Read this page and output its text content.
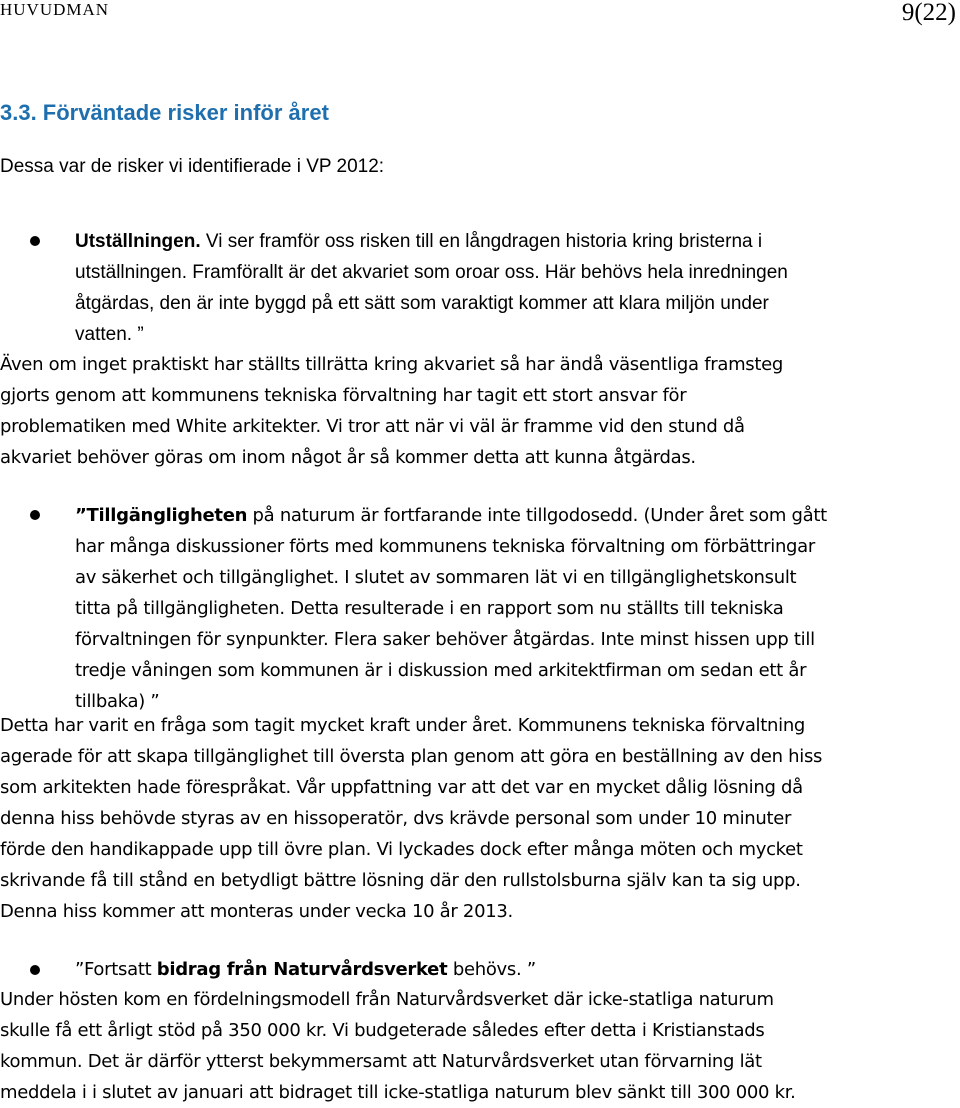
HUVUDMAN	9(22)
3.3. Förväntade risker inför året
Dessa var de risker vi identifierade i VP 2012:
Utställningen. Vi ser framför oss risken till en långdragen historia kring bristerna i
utställningen. Framförallt är det akvariet som oroar oss. Här behövs hela inredningen
åtgärdas, den är inte byggd på ett sätt som varaktigt kommer att klara miljön under
vatten. ”
Även om inget praktiskt har ställts tillrätta kring akvariet så har ändå väsentliga framsteg
gjorts genom att kommunens tekniska förvaltning har tagit ett stort ansvar för
problematiken med White arkitekter. Vi tror att när vi väl är framme vid den stund då
akvariet behöver göras om inom något år så kommer detta att kunna åtgärdas.
”Tillgängligheten på naturum är fortfarande inte tillgodosedd. (Under året som gått
har många diskussioner förts med kommunens tekniska förvaltning om förbättringar
av säkerhet och tillgänglighet. I slutet av sommaren lät vi en tillgänglighetskonsult
titta på tillgängligheten. Detta resulterade i en rapport som nu ställts till tekniska
förvaltningen för synpunkter. Flera saker behöver åtgärdas. Inte minst hissen upp till
tredje våningen som kommunen är i diskussion med arkitektfirman om sedan ett år
tillbaka) ”
Detta har varit en fråga som tagit mycket kraft under året. Kommunens tekniska förvaltning
agerade för att skapa tillgänglighet till översta plan genom att göra en beställning av den hiss
som arkitekten hade förespråkat. Vår uppfattning var att det var en mycket dålig lösning då
denna hiss behövde styras av en hissoperatör, dvs krävde personal som under 10 minuter
förde den handikappade upp till övre plan. Vi lyckades dock efter många möten och mycket
skrivande få till stånd en betydligt bättre lösning där den rullstolsburna själv kan ta sig upp.
Denna hiss kommer att monteras under vecka 10 år 2013.
”Fortsatt bidrag från Naturvårdsverket behövs. ”
Under hösten kom en fördelningsmodell från Naturvårdsverket där icke-statliga naturum
skulle få ett årligt stöd på 350 000 kr. Vi budgeterade således efter detta i Kristianstads
kommun. Det är därför ytterst bekymmersamt att Naturvårdsverket utan förvarning lät
meddela i i slutet av januari att bidraget till icke-statliga naturum blev sänkt till 300 000 kr.
